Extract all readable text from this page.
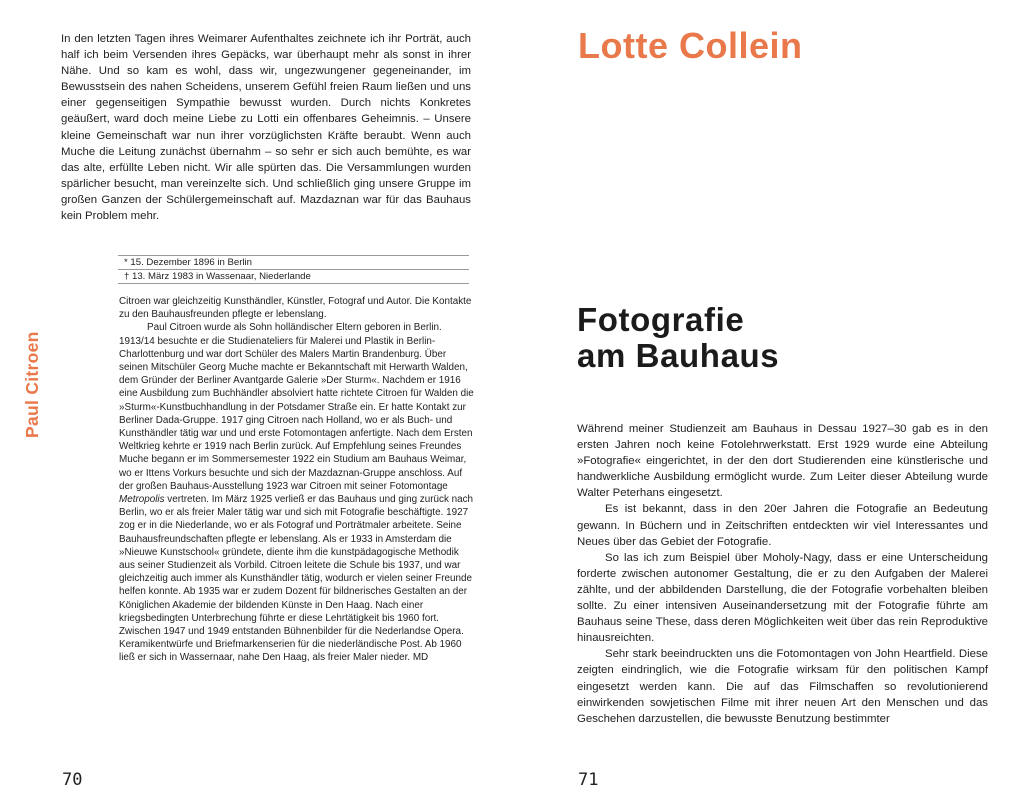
In den letzten Tagen ihres Weimarer Aufenthaltes zeichnete ich ihr Porträt, auch half ich beim Versenden ihres Gepäcks, war überhaupt mehr als sonst in ihrer Nähe. Und so kam es wohl, dass wir, ungezwungener gegeneinander, im Bewusstsein des nahen Scheidens, unserem Gefühl freien Raum ließen und uns einer gegenseitigen Sympathie bewusst wurden. Durch nichts Konkretes geäußert, ward doch meine Liebe zu Lotti ein offenbares Geheimnis. – Unsere kleine Gemeinschaft war nun ihrer vorzüglichsten Kräfte beraubt. Wenn auch Muche die Leitung zunächst übernahm – so sehr er sich auch bemühte, es war das alte, erfüllte Leben nicht. Wir alle spürten das. Die Versammlungen wurden spärlicher besucht, man vereinzelte sich. Und schließlich ging unsere Gruppe im großen Ganzen der Schülergemeinschaft auf. Mazdaznan war für das Bauhaus kein Problem mehr.

Paul Citroen
* 15. Dezember 1896 in Berlin
† 13. März 1983 in Wassenaar, Niederlande

Citroen war gleichzeitig Kunsthändler, Künstler, Fotograf und Autor. Die Kontakte zu den Bauhausfreunden pflegte er lebenslang.

Paul Citroen wurde als Sohn holländischer Eltern geboren in Berlin. 1913/14 besuchte er die Studienateliers für Malerei und Plastik in Berlin-Charlottenburg und war dort Schüler des Malers Martin Brandenburg. Über seinen Mitschüler Georg Muche machte er Bekanntschaft mit Herwarth Walden, dem Gründer der Berliner Avantgarde Galerie »Der Sturm«. Nachdem er 1916 eine Ausbildung zum Buchhändler absolviert hatte richtete Citroen für Walden die »Sturm«-Kunstbuchhandlung in der Potsdamer Straße ein. Er hatte Kontakt zur Berliner Dada-Gruppe. 1917 ging Citroen nach Holland, wo er als Buch- und Kunsthändler tätig war und und erste Fotomontagen anfertigte. Nach dem Ersten Weltkrieg kehrte er 1919 nach Berlin zurück. Auf Empfehlung seines Freundes Muche begann er im Sommersemester 1922 ein Studium am Bauhaus Weimar, wo er Ittens Vorkurs besuchte und sich der Mazdaznan-Gruppe anschloss. Auf der großen Bauhaus-Ausstellung 1923 war Citroen mit seiner Fotomontage Metropolis vertreten. Im März 1925 verließ er das Bauhaus und ging zurück nach Berlin, wo er als freier Maler tätig war und sich mit Fotografie beschäftigte. 1927 zog er in die Niederlande, wo er als Fotograf und Porträtmaler arbeitete. Seine Bauhausfreundschaften pflegte er lebenslang. Als er 1933 in Amsterdam die »Nieuwe Kunstschool« gründete, diente ihm die kunstpädagogische Methodik aus seiner Studienzeit als Vorbild. Citroen leitete die Schule bis 1937, und war gleichzeitig auch immer als Kunsthändler tätig, wodurch er vielen seiner Freunde helfen konnte. Ab 1935 war er zudem Dozent für bildnerisches Gestalten an der Königlichen Akademie der bildenden Künste in Den Haag. Nach einer kriegsbedingten Unterbrechung führte er diese Lehrtätigkeit bis 1960 fort. Zwischen 1947 und 1949 entstanden Bühnenbilder für die Nederlandse Opera. Keramikentwürfe und Briefmarkenserien für die niederländische Post. Ab 1960 ließ er sich in Wassernaar, nahe Den Haag, als freier Maler nieder. MD

70
Lotte Collein
Fotografie
am Bauhaus

Während meiner Studienzeit am Bauhaus in Dessau 1927–30 gab es in den ersten Jahren noch keine Fotolehrwerkstatt. Erst 1929 wurde eine Abteilung »Fotografie« eingerichtet, in der den dort Studierenden eine künstlerische und handwerkliche Ausbildung ermöglicht wurde. Zum Leiter dieser Abteilung wurde Walter Peterhans eingesetzt.

Es ist bekannt, dass in den 20er Jahren die Fotografie an Bedeutung gewann. In Büchern und in Zeitschriften entdeckten wir viel Interessantes und Neues über das Gebiet der Fotografie.

So las ich zum Beispiel über Moholy-Nagy, dass er eine Unterscheidung forderte zwischen autonomer Gestaltung, die er zu den Aufgaben der Malerei zählte, und der abbildenden Darstellung, die der Fotografie vorbehalten bleiben sollte. Zu einer intensiven Auseinandersetzung mit der Fotografie führte am Bauhaus seine These, dass deren Möglichkeiten weit über das rein Reproduktive hinausreichten.

Sehr stark beeindruckten uns die Fotomontagen von John Heartfield. Diese zeigten eindringlich, wie die Fotografie wirksam für den politischen Kampf eingesetzt werden kann. Die auf das Filmschaffen so revolutionierend einwirkenden sowjetischen Filme mit ihrer neuen Art den Menschen und das Geschehen darzustellen, die bewusste Benutzung bestimmter

71
